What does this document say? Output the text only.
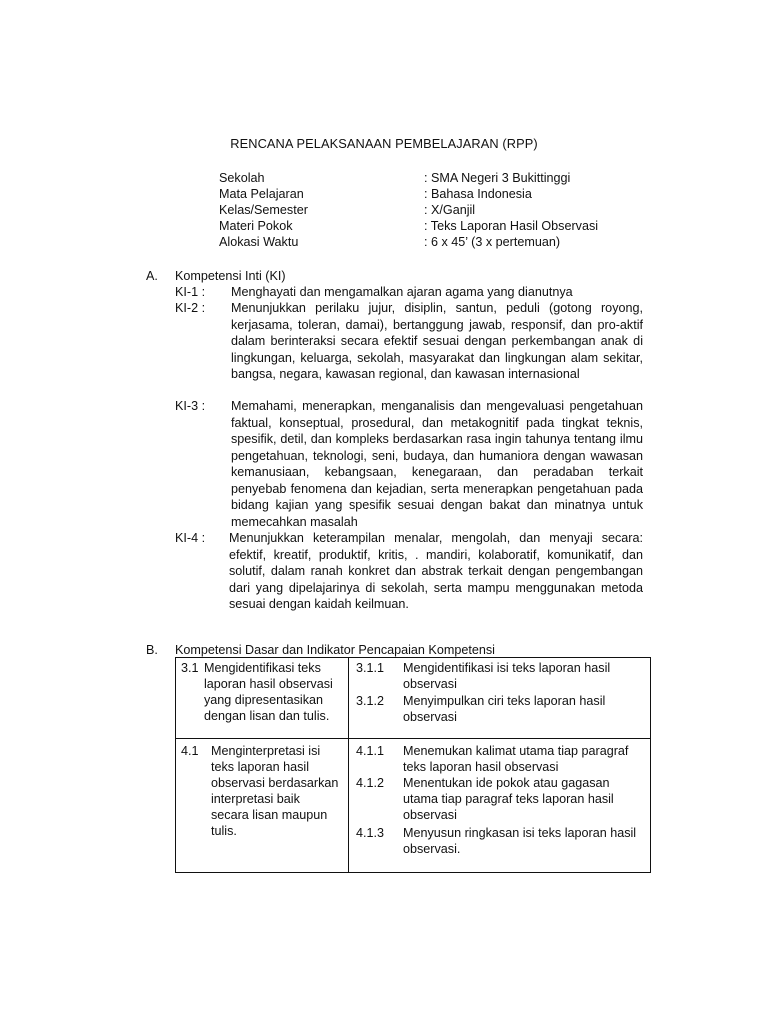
RENCANA PELAKSANAAN PEMBELAJARAN (RPP)
Sekolah	: SMA Negeri 3 Bukittinggi
Mata Pelajaran	: Bahasa Indonesia
Kelas/Semester	: X/Ganjil
Materi Pokok	: Teks Laporan Hasil Observasi
Alokasi Waktu	: 6 x 45’ (3 x pertemuan)
A. Kompetensi Inti (KI)
KI-1 : Menghayati dan mengamalkan ajaran agama yang dianutnya
KI-2 : Menunjukkan perilaku jujur, disiplin, santun, peduli (gotong royong, kerjasama, toleran, damai), bertanggung jawab, responsif, dan pro-aktif dalam berinteraksi secara efektif sesuai dengan perkembangan anak di lingkungan, keluarga, sekolah, masyarakat dan lingkungan alam sekitar, bangsa, negara, kawasan regional, dan kawasan internasional
KI-3 : Memahami, menerapkan, menganalisis dan mengevaluasi pengetahuan faktual, konseptual, prosedural, dan metakognitif pada tingkat teknis, spesifik, detil, dan kompleks berdasarkan rasa ingin tahunya tentang ilmu pengetahuan, teknologi, seni, budaya, dan humaniora dengan wawasan kemanusiaan, kebangsaan, kenegaraan, dan peradaban terkait penyebab fenomena dan kejadian, serta menerapkan pengetahuan pada bidang kajian yang spesifik sesuai dengan bakat dan minatnya untuk memecahkan masalah
KI-4 : Menunjukkan keterampilan menalar, mengolah, dan menyaji secara: efektif, kreatif, produktif, kritis, . mandiri, kolaboratif, komunikatif, dan solutif, dalam ranah konkret dan abstrak terkait dengan pengembangan dari yang dipelajarinya di sekolah, serta mampu menggunakan metoda sesuai dengan kaidah keilmuan.
B. Kompetensi Dasar dan Indikator Pencapaian Kompetensi
3.1 Mengidentifikasi teks
laporan hasil observasi
yang dipresentasikan
dengan lisan dan tulis.
3.1.1 Mengidentifikasi isi teks laporan hasil
observasi
3.1.2 Menyimpulkan ciri teks laporan hasil
observasi
4.1 Menginterpretasi isi
teks laporan hasil
observasi berdasarkan
interpretasi baik
secara lisan maupun
tulis.
4.1.1 Menemukan kalimat utama tiap paragraf
teks laporan hasil observasi
4.1.2 Menentukan ide pokok atau gagasan
utama tiap paragraf teks laporan hasil
observasi
4.1.3 Menyusun ringkasan isi teks laporan hasil
observasi.
